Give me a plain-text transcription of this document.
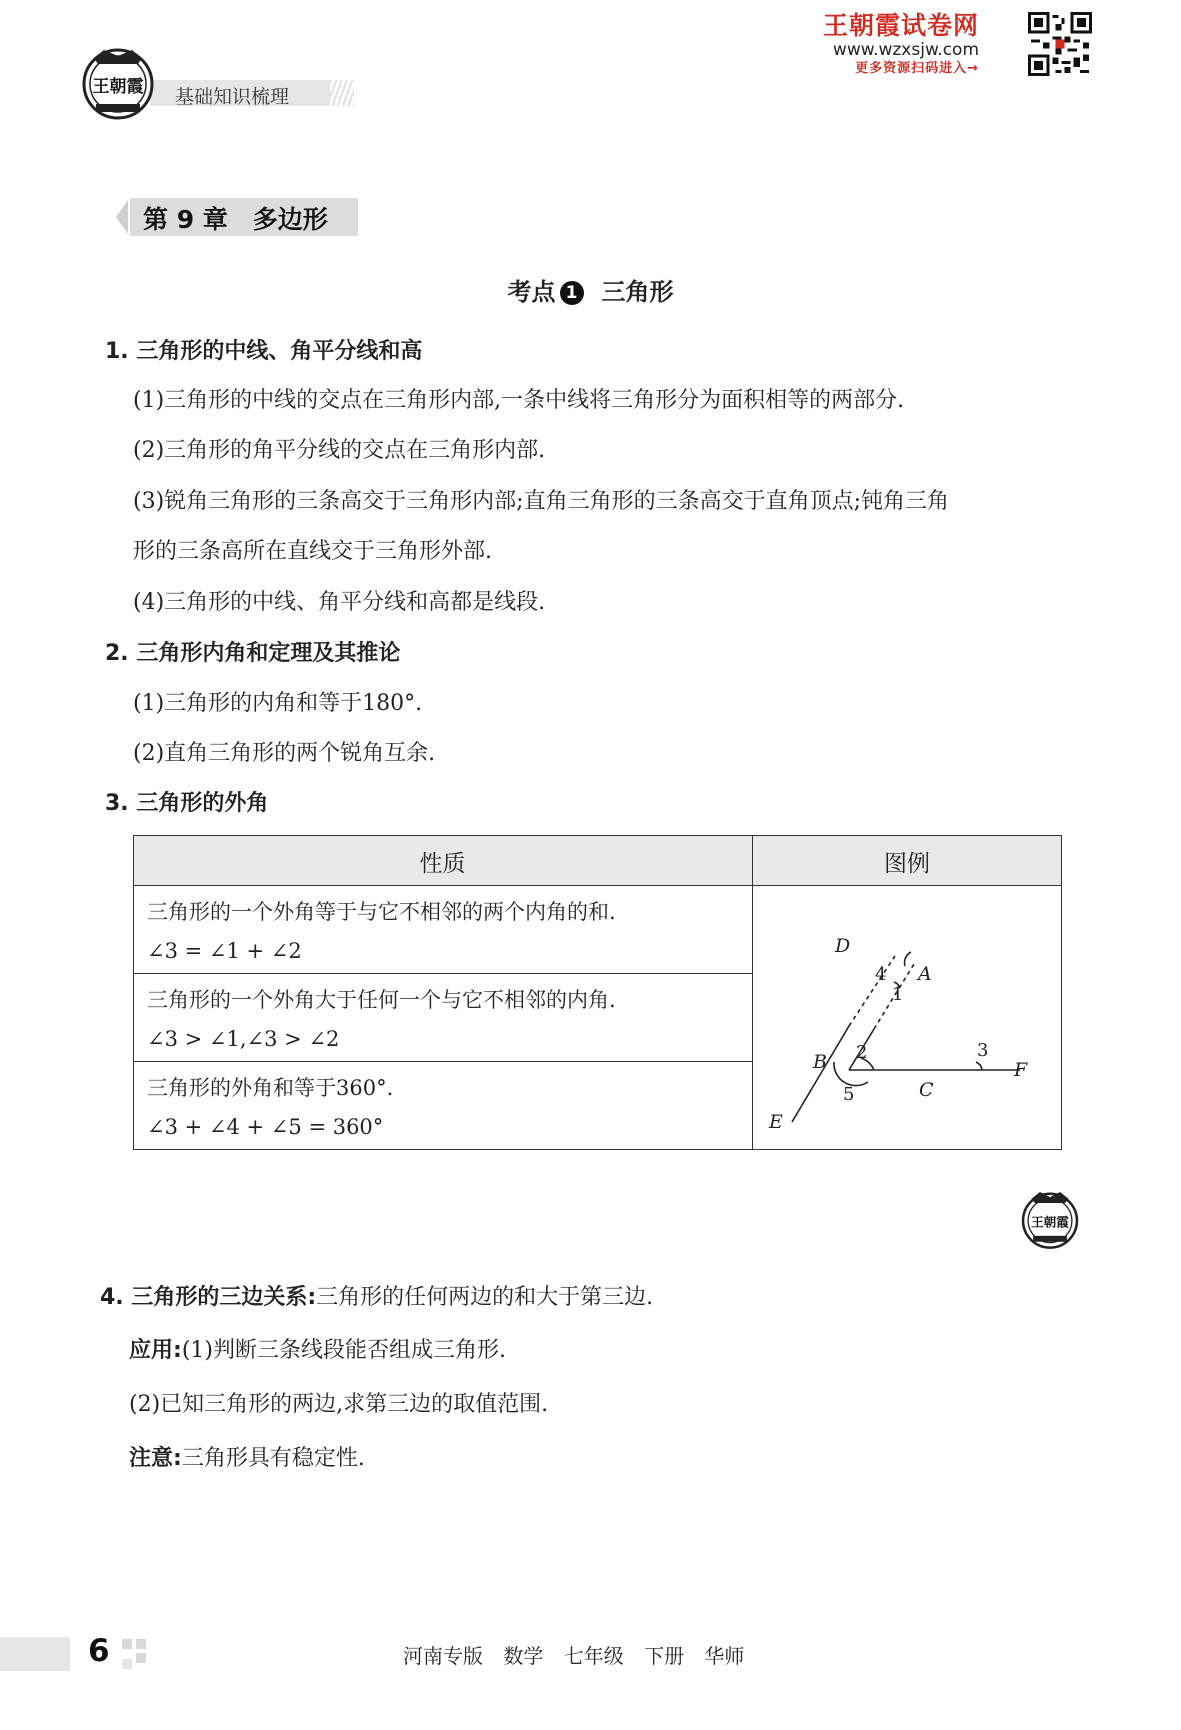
基础知识梳理
王朝霞
王朝霞试卷网
www.wzxsjw.com
更多资源扫码进入→
第 9 章　多边形
考点 1 三角形
1. 三角形的中线、角平分线和高
(1)三角形的中线的交点在三角形内部,一条中线将三角形分为面积相等的两部分.
(2)三角形的角平分线的交点在三角形内部.
(3)锐角三角形的三条高交于三角形内部;直角三角形的三条高交于直角顶点;钝角三角
形的三条高所在直线交于三角形外部.
(4)三角形的中线、角平分线和高都是线段.
2. 三角形内角和定理及其推论
(1)三角形的内角和等于180°.
(2)直角三角形的两个锐角互余.
3. 三角形的外角
性质	图例
三角形的一个外角等于与它不相邻的两个内角的和.
∠3 = ∠1 + ∠2
三角形的一个外角大于任何一个与它不相邻的内角.
∠3 > ∠1,∠3 > ∠2
三角形的外角和等于360°.
∠3 + ∠4 + ∠5 = 360°
D
A
B
C
E
F
1
2	3
4
5
王朝霞
4. 三角形的三边关系:三角形的任何两边的和大于第三边.
应用:(1)判断三条线段能否组成三角形.
(2)已知三角形的两边,求第三边的取值范围.
注意:三角形具有稳定性.
6	河南专版 数学 七年级 下册 华师
